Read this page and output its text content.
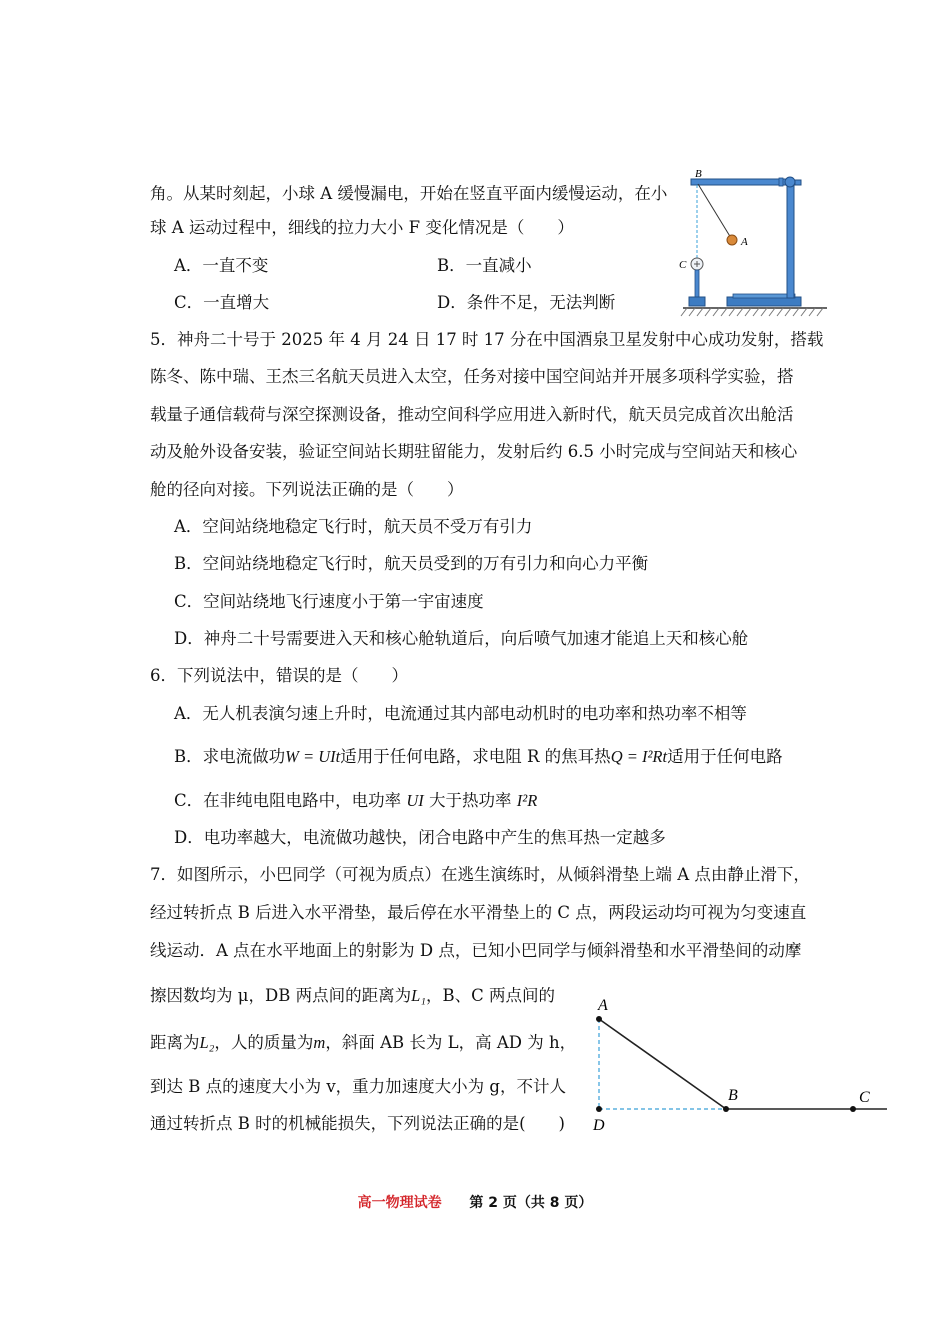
角。从某时刻起，小球 A 缓慢漏电，开始在竖直平面内缓慢运动，在小
球 A 运动过程中，细线的拉力大小 F 变化情况是（　　）
A．一直不变	B．一直减小
C．一直增大	D．条件不足，无法判断
B
A
C
5．神舟二十号于 2025 年 4 月 24 日 17 时 17 分在中国酒泉卫星发射中心成功发射，搭载
陈冬、陈中瑞、王杰三名航天员进入太空，任务对接中国空间站并开展多项科学实验，搭
载量子通信载荷与深空探测设备，推动空间科学应用进入新时代，航天员完成首次出舱活
动及舱外设备安装，验证空间站长期驻留能力，发射后约 6.5 小时完成与空间站天和核心
舱的径向对接。下列说法正确的是（　　）
A．空间站绕地稳定飞行时，航天员不受万有引力
B．空间站绕地稳定飞行时，航天员受到的万有引力和向心力平衡
C．空间站绕地飞行速度小于第一宇宙速度
D．神舟二十号需要进入天和核心舱轨道后，向后喷气加速才能追上天和核心舱
6．下列说法中，错误的是（　　）
A．无人机表演匀速上升时，电流通过其内部电动机时的电功率和热功率不相等
B．求电流做功W = UIt适用于任何电路，求电阻 R 的焦耳热Q = I²Rt适用于任何电路
C．在非纯电阻电路中，电功率 UI 大于热功率 I²R
D．电功率越大，电流做功越快，闭合电路中产生的焦耳热一定越多
7．如图所示，小巴同学（可视为质点）在逃生演练时，从倾斜滑垫上端 A 点由静止滑下，
经过转折点 B 后进入水平滑垫，最后停在水平滑垫上的 C 点，两段运动均可视为匀变速直
线运动．A 点在水平地面上的射影为 D 点，已知小巴同学与倾斜滑垫和水平滑垫间的动摩
擦因数均为 μ，DB 两点间的距离为L₁，B、C 两点间的
距离为L₂，人的质量为m，斜面 AB 长为 L，高 AD 为 h，
到达 B 点的速度大小为 v，重力加速度大小为 g，不计人
通过转折点 B 时的机械能损失，下列说法正确的是(　　)
A
D
B	C
高一物理试卷 第 2 页（共 8 页）
